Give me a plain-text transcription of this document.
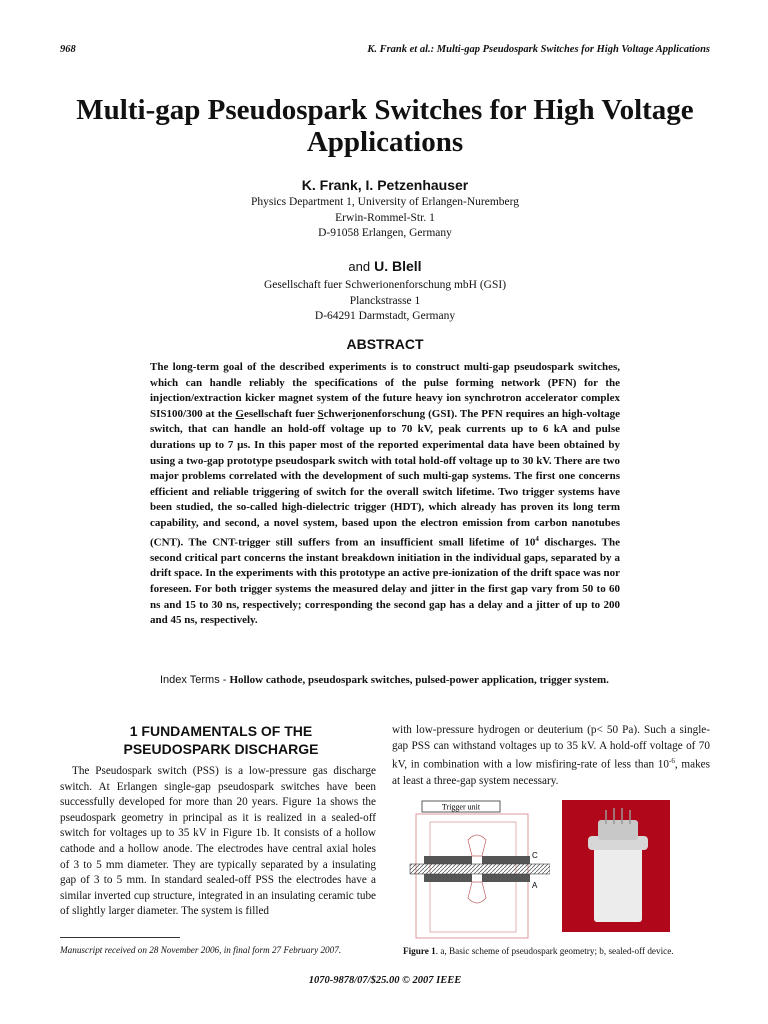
968	K. Frank et al.: Multi-gap Pseudospark Switches for High Voltage Applications
Multi-gap Pseudospark Switches for High Voltage
Applications
K. Frank, I. Petzenhauser
Physics Department 1, University of Erlangen-Nuremberg
Erwin-Rommel-Str. 1
D-91058 Erlangen, Germany
and U. Blell
Gesellschaft fuer Schwerionenforschung mbH (GSI)
Planckstrasse 1
D-64291 Darmstadt, Germany
ABSTRACT
The long-term goal of the described experiments is to construct multi-gap pseudospark switches, which can handle reliably the specifications of the pulse forming network (PFN) for the injection/extraction kicker magnet system of the future heavy ion synchrotron accelerator complex SIS100/300 at the Gesellschaft fuer Schwerionenforschung (GSI). The PFN requires an high-voltage switch, that can handle an hold-off voltage up to 70 kV, peak currents up to 6 kA and pulse durations up to 7 µs. In this paper most of the reported experimental data have been obtained by using a two-gap prototype pseudospark switch with total hold-off voltage up to 30 kV. There are two major problems correlated with the development of such multi-gap systems. The first one concerns efficient and reliable triggering of switch for the overall switch lifetime. Two trigger systems have been studied, the so-called high-dielectric trigger (HDT), which already has proven its long term capability, and second, a novel system, based upon the electron emission from carbon nanotubes (CNT). The CNT-trigger still suffers from an insufficient small lifetime of $10^4$ discharges. The second critical part concerns the instant breakdown initiation in the individual gaps, separated by a drift space. In the experiments with this prototype an active pre-ionization of the drift space was nor foreseen. For both trigger systems the measured delay and jitter in the first gap vary from 50 to 60 ns and 15 to 30 ns, respectively; corresponding the second gap has a delay and a jitter of up to 200 and 45 ns, respectively.
Index Terms - Hollow cathode, pseudospark switches, pulsed-power application, trigger system.
1 FUNDAMENTALS OF THE
PSEUDOSPARK DISCHARGE
The Pseudospark switch (PSS) is a low-pressure gas discharge switch. At Erlangen single-gap pseudospark switches have been successfully developed for more than 20 years. Figure 1a shows the pseudospark geometry in principal as it is realized in a sealed-off switch for voltages up to 35 kV in Figure 1b. It consists of a hollow cathode and a hollow anode. The electrodes have central axial holes of 3 to 5 mm diameter. They are typically separated by a insulating gap of 3 to 5 mm. In standard sealed-off PSS the electrodes have a similar inverted cup structure, integrated in an insulating ceramic tube of slightly larger diameter. The system is filled
with low-pressure hydrogen or deuterium (p< 50 Pa). Such a single-gap PSS can withstand voltages up to 35 kV. A hold-off voltage of 70 kV, in combination with a low misfiring-rate of less than $10^{-6}$, makes at least a three-gap system necessary.
Trigger unit
C
A
Figure 1. a, Basic scheme of pseudospark geometry; b, sealed-off device.
Manuscript received on 28 November 2006, in final form 27 February 2007.
1070-9878/07/$25.00 © 2007 IEEE
